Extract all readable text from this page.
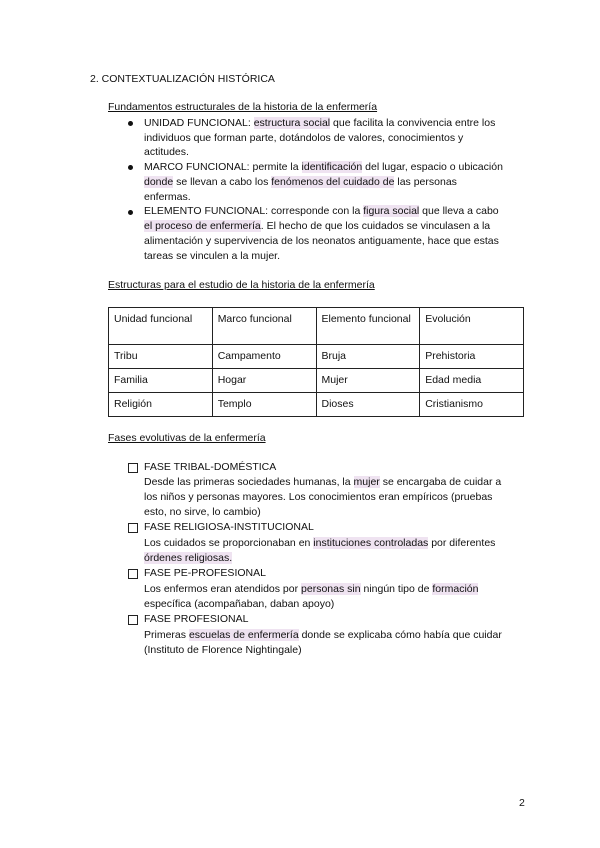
2. CONTEXTUALIZACIÓN HISTÓRICA
Fundamentos estructurales de la historia de la enfermería
UNIDAD FUNCIONAL: estructura social que facilita la convivencia entre los
individuos que forman parte, dotándolos de valores, conocimientos y
actitudes.
MARCO FUNCIONAL: permite la identificación del lugar, espacio o ubicación
donde se llevan a cabo los fenómenos del cuidado de las personas
enfermas.
ELEMENTO FUNCIONAL: corresponde con la figura social que lleva a cabo
el proceso de enfermería. El hecho de que los cuidados se vinculasen a la
alimentación y supervivencia de los neonatos antiguamente, hace que estas
tareas se vinculen a la mujer.
Estructuras para el estudio de la historia de la enfermería
Unidad funcional	Marco funcional	Elemento funcional	Evolución
Tribu	Campamento	Bruja	Prehistoria
Familia	Hogar	Mujer	Edad media
Religión	Templo	Dioses	Cristianismo
Fases evolutivas de la enfermería
FASE TRIBAL-DOMÉSTICA
Desde las primeras sociedades humanas, la mujer se encargaba de cuidar a
los niños y personas mayores. Los conocimientos eran empíricos (pruebas
esto, no sirve, lo cambio)
FASE RELIGIOSA-INSTITUCIONAL
Los cuidados se proporcionaban en instituciones controladas por diferentes
órdenes religiosas.
FASE PE-PROFESIONAL
Los enfermos eran atendidos por personas sin ningún tipo de formación
específica (acompañaban, daban apoyo)
FASE PROFESIONAL
Primeras escuelas de enfermería donde se explicaba cómo había que cuidar
(Instituto de Florence Nightingale)
2
